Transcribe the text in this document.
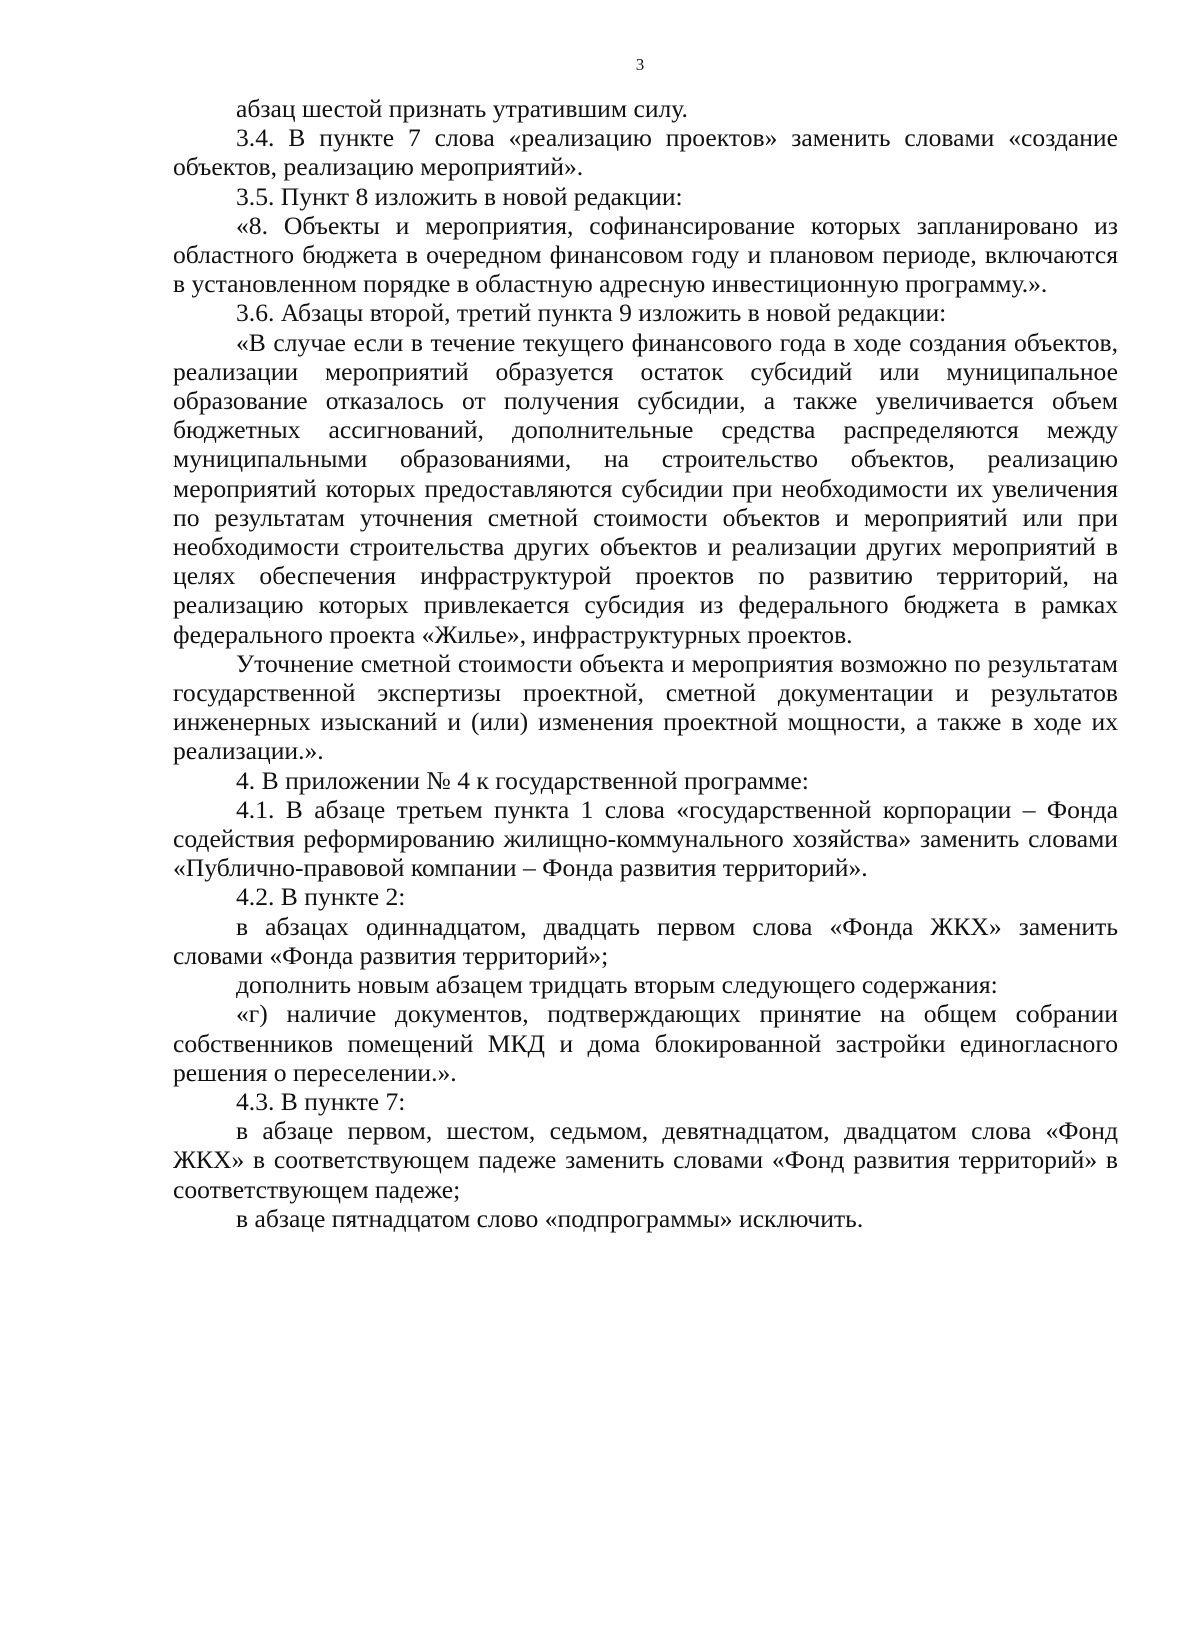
3

абзац шестой признать утратившим силу.

3.4. В пункте 7 слова «реализацию проектов» заменить словами «создание объектов, реализацию мероприятий».

3.5. Пункт 8 изложить в новой редакции:

«8. Объекты и мероприятия, софинансирование которых запланировано из областного бюджета в очередном финансовом году и плановом периоде, включаются в установленном порядке в областную адресную инвестиционную программу.».

3.6. Абзацы второй, третий пункта 9 изложить в новой редакции:

«В случае если в течение текущего финансового года в ходе создания объектов, реализации мероприятий образуется остаток субсидий или муниципальное образование отказалось от получения субсидии, а также увеличивается объем бюджетных ассигнований, дополнительные средства распределяются между муниципальными образованиями, на строительство объектов, реализацию мероприятий которых предоставляются субсидии при необходимости их увеличения по результатам уточнения сметной стоимости объектов и мероприятий или при необходимости строительства других объектов и реализации других мероприятий в целях обеспечения инфраструктурой проектов по развитию территорий, на реализацию которых привлекается субсидия из федерального бюджета в рамках федерального проекта «Жилье», инфраструктурных проектов.

Уточнение сметной стоимости объекта и мероприятия возможно по результатам государственной экспертизы проектной, сметной документации и результатов инженерных изысканий и (или) изменения проектной мощности, а также в ходе их реализации.».

4. В приложении № 4 к государственной программе:

4.1. В абзаце третьем пункта 1 слова «государственной корпорации – Фонда содействия реформированию жилищно-коммунального хозяйства» заменить словами «Публично-правовой компании – Фонда развития территорий».

4.2. В пункте 2:

в абзацах одиннадцатом, двадцать первом слова «Фонда ЖКХ» заменить словами «Фонда развития территорий»;

дополнить новым абзацем тридцать вторым следующего содержания:

«г) наличие документов, подтверждающих принятие на общем собрании собственников помещений МКД и дома блокированной застройки единогласного решения о переселении.».

4.3. В пункте 7:

в абзаце первом, шестом, седьмом, девятнадцатом, двадцатом слова «Фонд ЖКХ» в соответствующем падеже заменить словами «Фонд развития территорий» в соответствующем падеже;

в абзаце пятнадцатом слово «подпрограммы» исключить.
